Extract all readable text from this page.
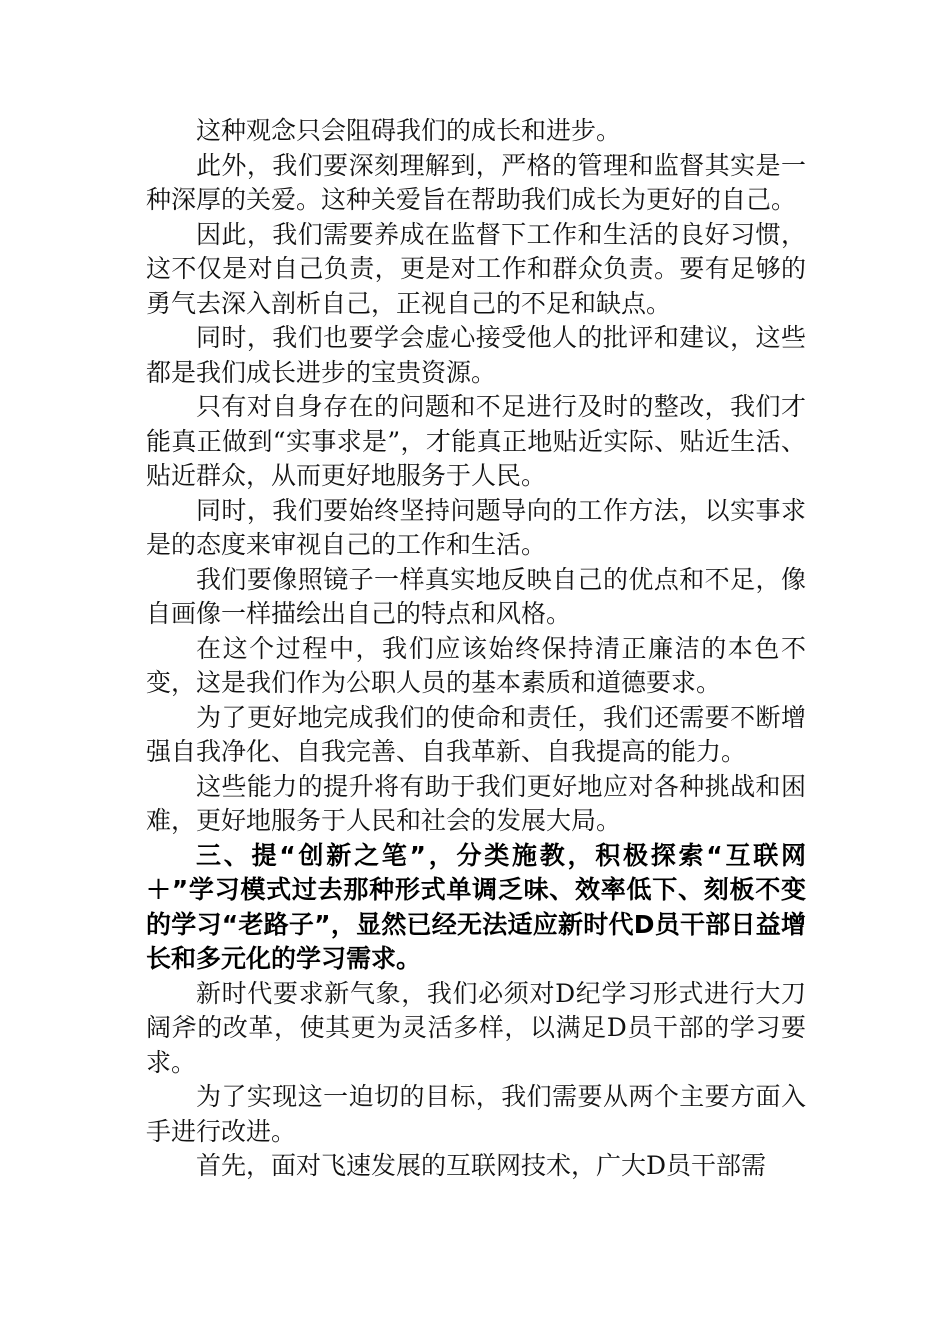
这种观念只会阻碍我们的成长和进步。

此外，我们要深刻理解到，严格的管理和监督其实是一种深厚的关爱。这种关爱旨在帮助我们成长为更好的自己。

因此，我们需要养成在监督下工作和生活的良好习惯，这不仅是对自己负责，更是对工作和群众负责。要有足够的勇气去深入剖析自己，正视自己的不足和缺点。

同时，我们也要学会虚心接受他人的批评和建议，这些都是我们成长进步的宝贵资源。

只有对自身存在的问题和不足进行及时的整改，我们才能真正做到“实事求是”，才能真正地贴近实际、贴近生活、贴近群众，从而更好地服务于人民。

同时，我们要始终坚持问题导向的工作方法，以实事求是的态度来审视自己的工作和生活。

我们要像照镜子一样真实地反映自己的优点和不足，像自画像一样描绘出自己的特点和风格。

在这个过程中，我们应该始终保持清正廉洁的本色不变，这是我们作为公职人员的基本素质和道德要求。

为了更好地完成我们的使命和责任，我们还需要不断增强自我净化、自我完善、自我革新、自我提高的能力。

这些能力的提升将有助于我们更好地应对各种挑战和困难，更好地服务于人民和社会的发展大局。

三、提“创新之笔”，分类施教，积极探索“互联网＋”学习模式过去那种形式单调乏味、效率低下、刻板不变的学习“老路子”，显然已经无法适应新时代D员干部日益增长和多元化的学习需求。

新时代要求新气象，我们必须对D纪学习形式进行大刀阔斧的改革，使其更为灵活多样，以满足D员干部的学习要求。

为了实现这一迫切的目标，我们需要从两个主要方面入手进行改进。

首先，面对飞速发展的互联网技术，广大D员干部需
